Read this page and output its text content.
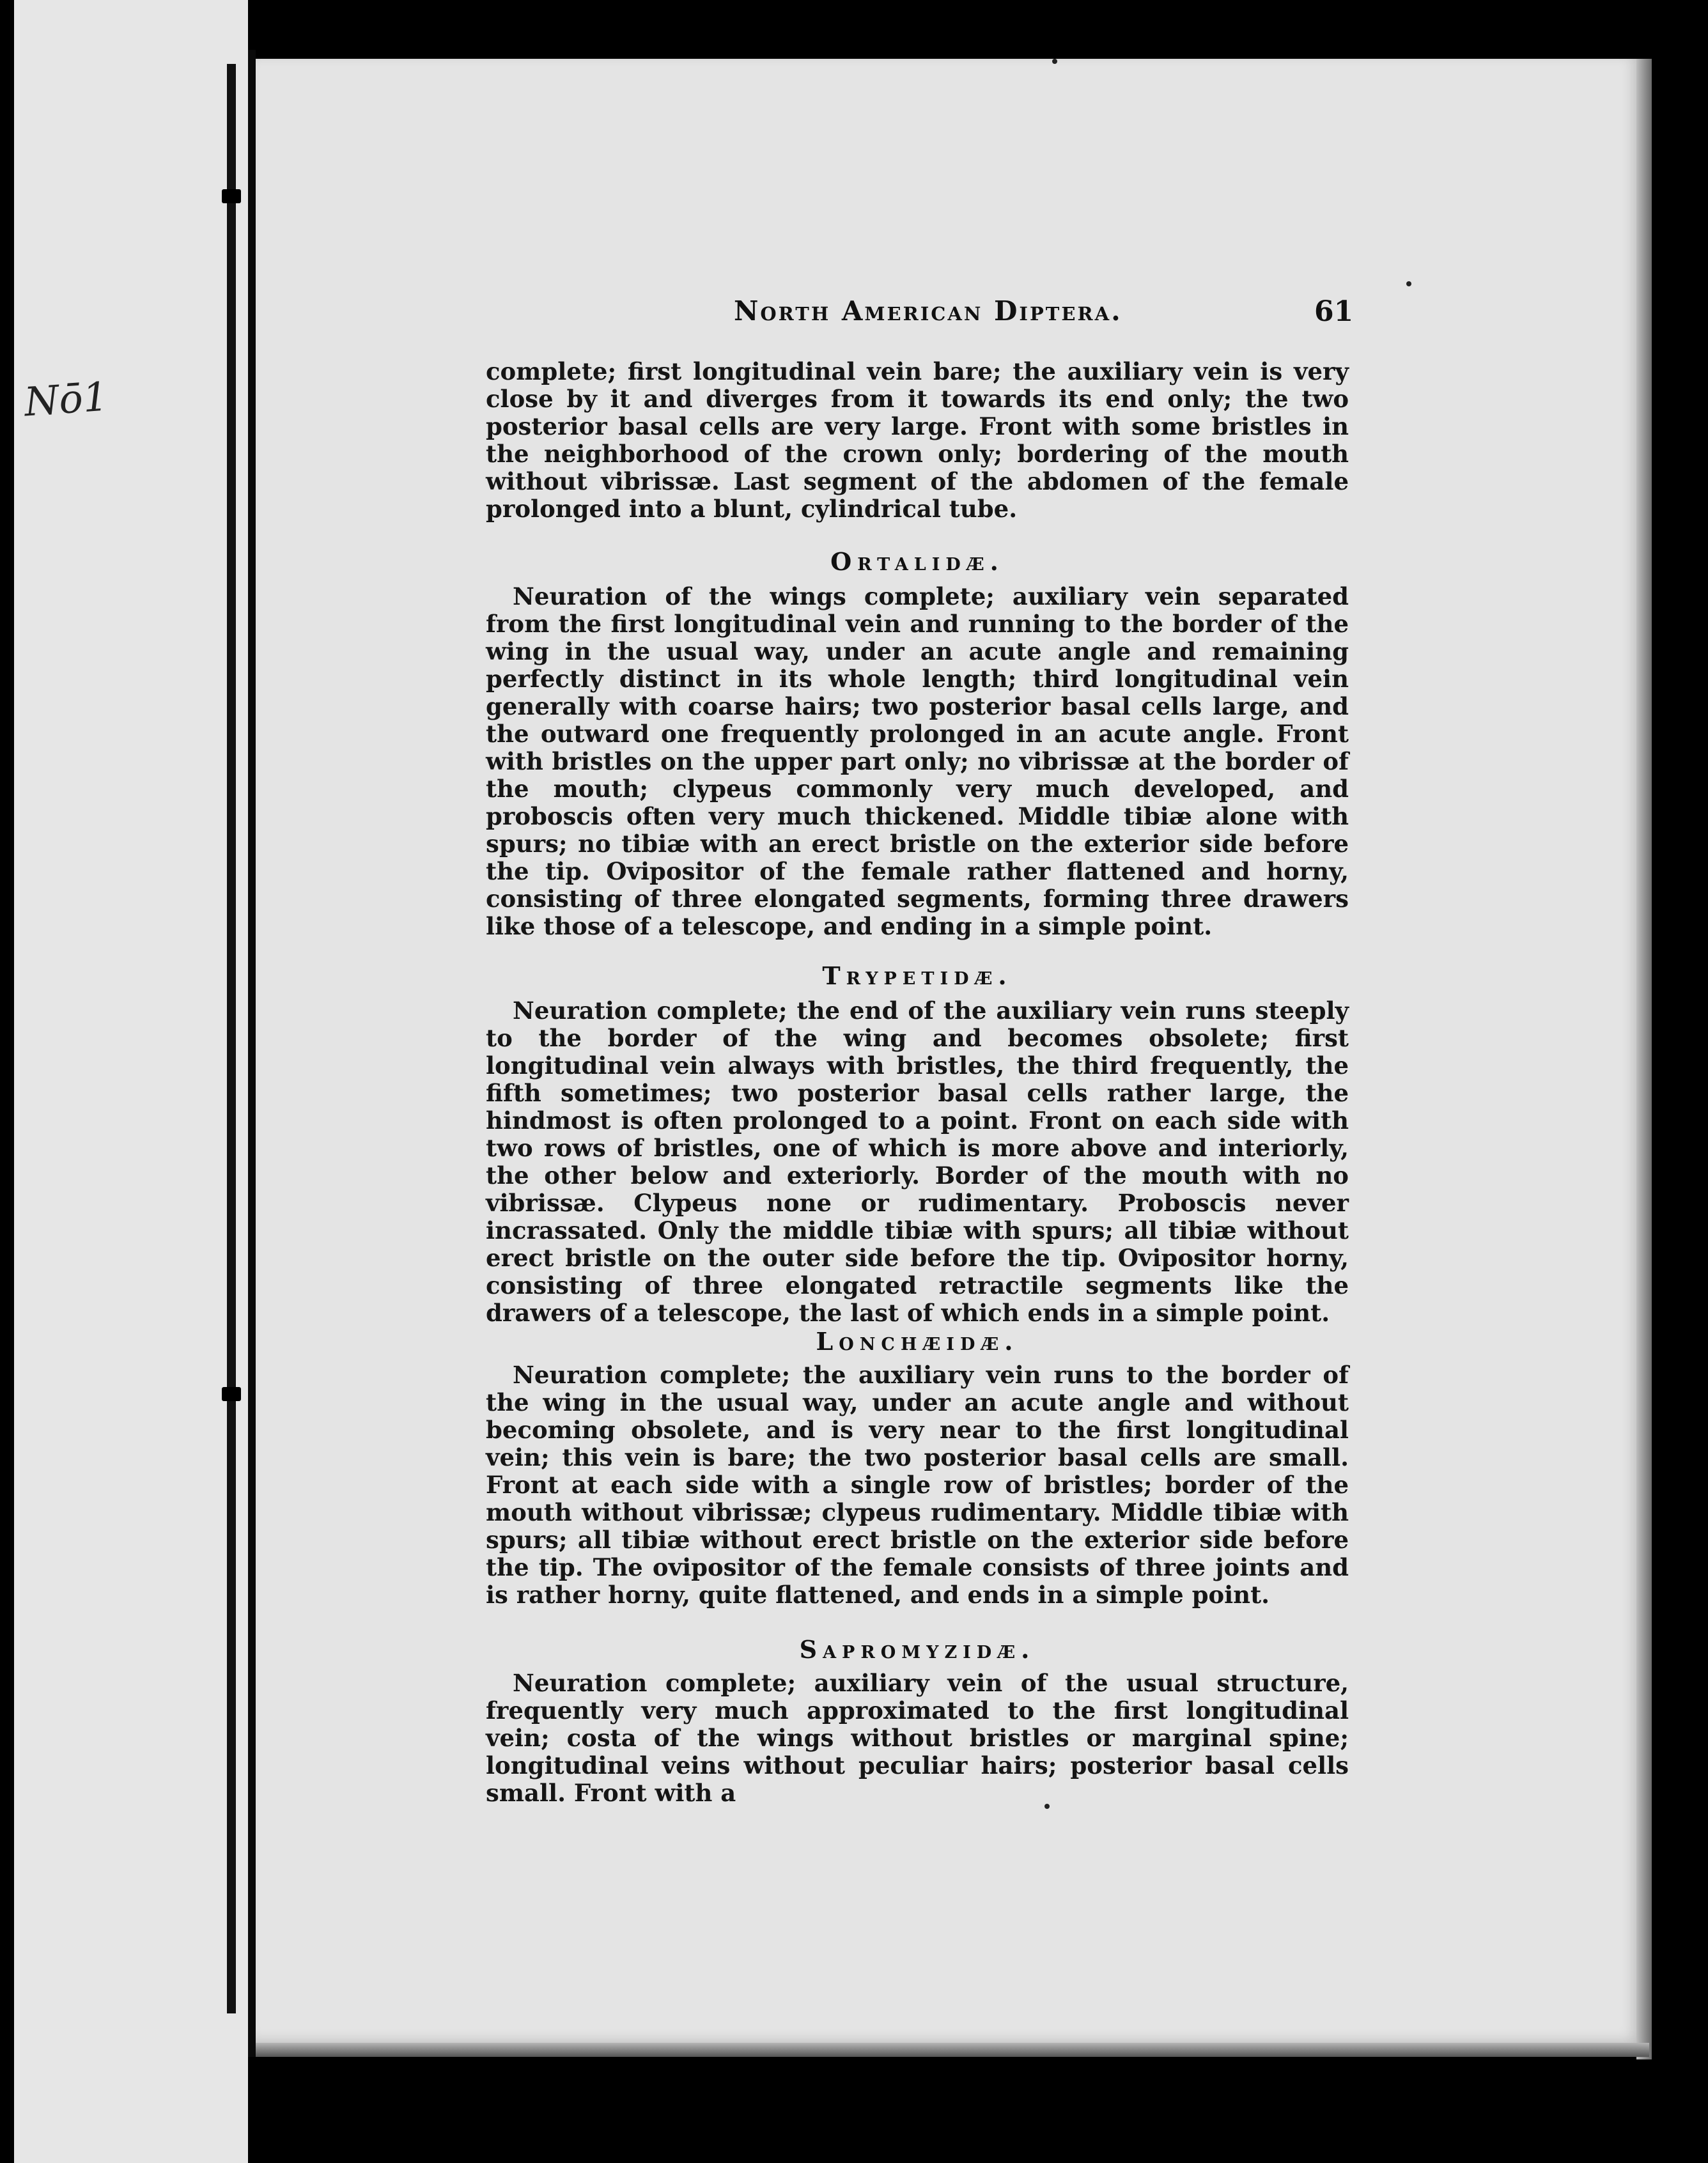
Nō1
North American Diptera.	61
complete; first longitudinal vein bare; the auxiliary vein is very close by it and diverges from it towards its end only; the two posterior basal cells are very large. Front with some bristles in the neighborhood of the crown only; bordering of the mouth without vibrissæ. Last segment of the abdomen of the female prolonged into a blunt, cylindrical tube.
Ortalidæ.
Neuration of the wings complete; auxiliary vein separated from the first longitudinal vein and running to the border of the wing in the usual way, under an acute angle and remaining perfectly distinct in its whole length; third longitudinal vein generally with coarse hairs; two posterior basal cells large, and the outward one frequently prolonged in an acute angle. Front with bristles on the upper part only; no vibrissæ at the border of the mouth; clypeus commonly very much developed, and proboscis often very much thickened. Middle tibiæ alone with spurs; no tibiæ with an erect bristle on the exterior side before the tip. Ovipositor of the female rather flattened and horny, consisting of three elongated segments, forming three drawers like those of a telescope, and ending in a simple point.
Trypetidæ.
Neuration complete; the end of the auxiliary vein runs steeply to the border of the wing and becomes obsolete; first longitudinal vein always with bristles, the third frequently, the fifth sometimes; two posterior basal cells rather large, the hindmost is often prolonged to a point. Front on each side with two rows of bristles, one of which is more above and interiorly, the other below and exteriorly. Border of the mouth with no vibrissæ. Clypeus none or rudimentary. Proboscis never incrassated. Only the middle tibiæ with spurs; all tibiæ without erect bristle on the outer side before the tip. Ovipositor horny, consisting of three elongated retractile segments like the drawers of a telescope, the last of which ends in a simple point.
Lonchæidæ.
Neuration complete; the auxiliary vein runs to the border of the wing in the usual way, under an acute angle and without becoming obsolete, and is very near to the first longitudinal vein; this vein is bare; the two posterior basal cells are small. Front at each side with a single row of bristles; border of the mouth without vibrissæ; clypeus rudimentary. Middle tibiæ with spurs; all tibiæ without erect bristle on the exterior side before the tip. The ovipositor of the female consists of three joints and is rather horny, quite flattened, and ends in a simple point.
Sapromyzidæ.
Neuration complete; auxiliary vein of the usual structure, frequently very much approximated to the first longitudinal vein; costa of the wings without bristles or marginal spine; longitudinal veins without peculiar hairs; posterior basal cells small. Front with a
